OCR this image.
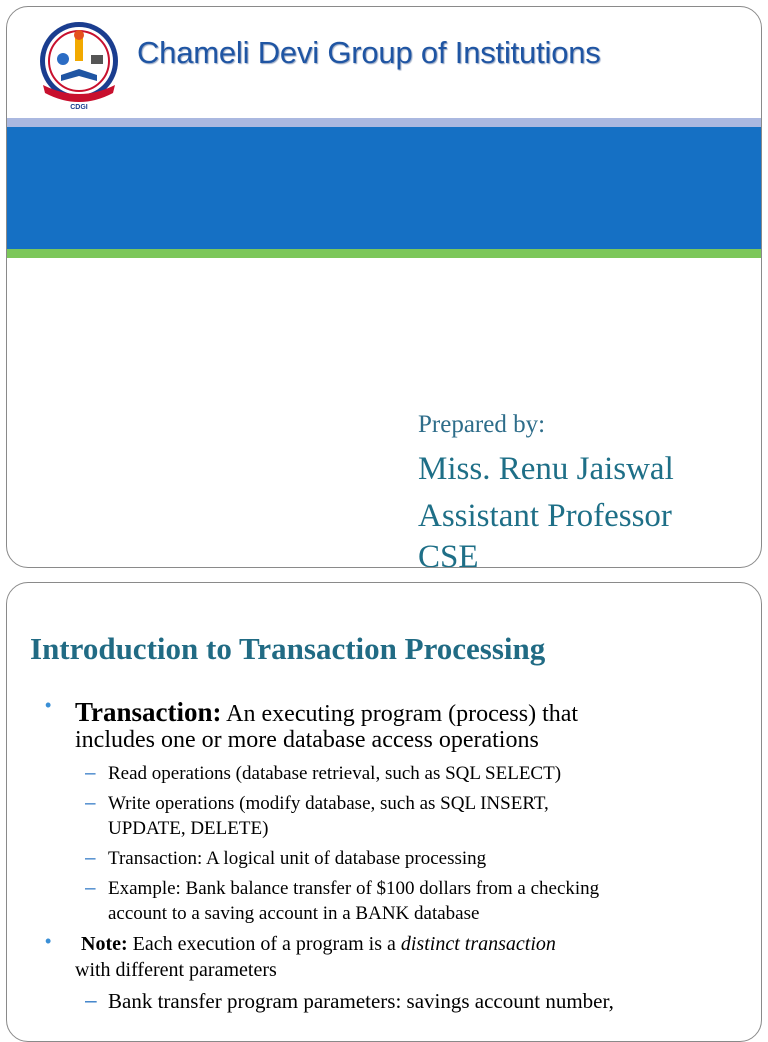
CDGI
Chameli Devi Group of Institutions
Prepared by:
Miss. Renu Jaiswal
Assistant Professor
CSE
Introduction to Transaction Processing
• Transaction: An executing program (process) that
includes one or more database access operations
– Read operations (database retrieval, such as SQL SELECT)
– Write operations (modify database, such as SQL INSERT,
UPDATE, DELETE)
– Transaction: A logical unit of database processing
– Example: Bank balance transfer of $100 dollars from a checking
account to a saving account in a BANK database
• Note: Each execution of a program is a distinct transaction
with different parameters
– Bank transfer program parameters: savings account number,
